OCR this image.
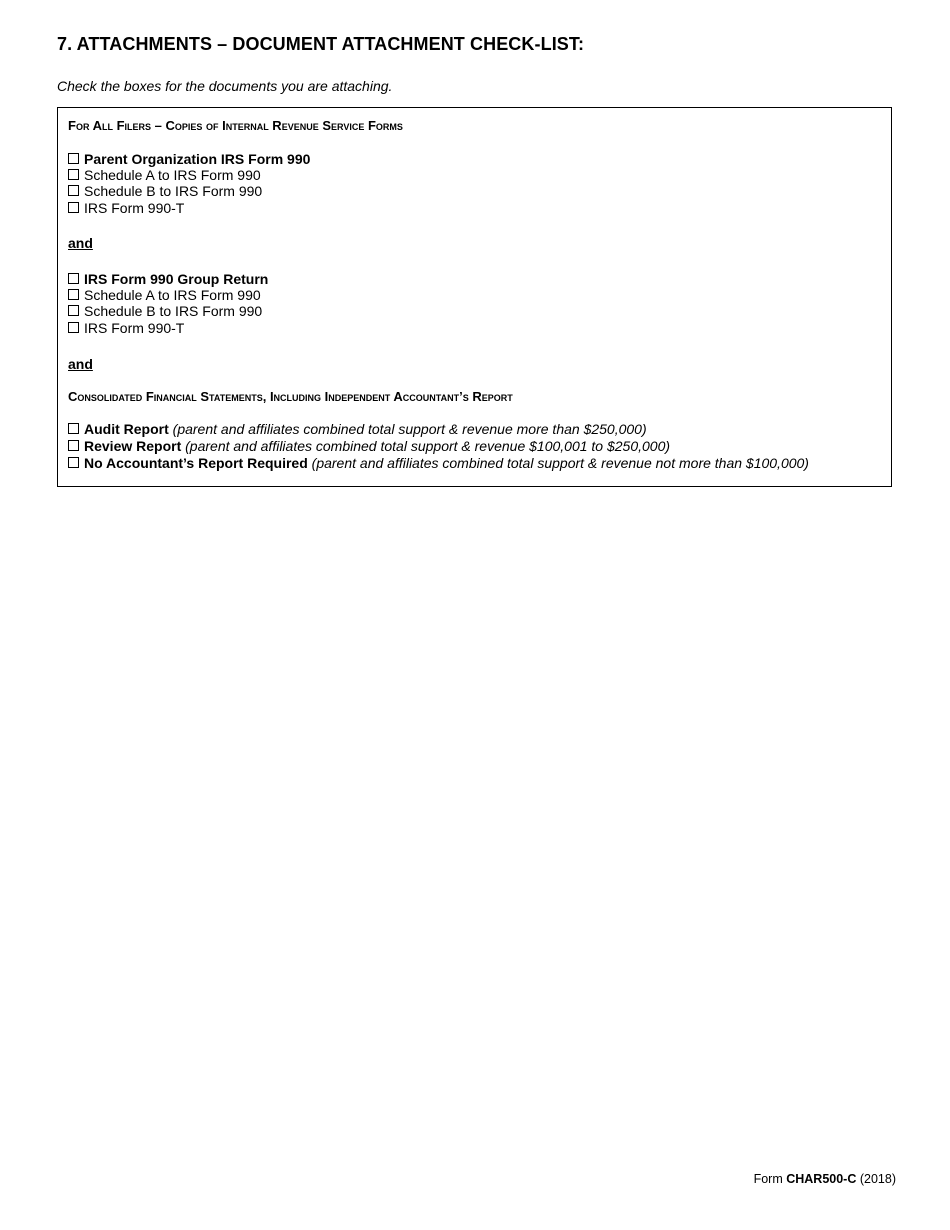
7. ATTACHMENTS – DOCUMENT ATTACHMENT CHECK-LIST:

Check the boxes for the documents you are attaching.

For All Filers – Copies of Internal Revenue Service Forms

Parent Organization IRS Form 990
Schedule A to IRS Form 990
Schedule B to IRS Form 990
IRS Form 990-T
and
IRS Form 990 Group Return
Schedule A to IRS Form 990
Schedule B to IRS Form 990
IRS Form 990-T
and

Consolidated Financial Statements, Including Independent Accountant’s Report

Audit Report
(parent and affiliates combined total support & revenue more than $250,000)
Review Report
(parent and affiliates combined total support & revenue $100,001 to $250,000)
No Accountant’s Report Required
(parent and affiliates combined total support & revenue not more than $100,000)
Form CHAR500-C (2018)
